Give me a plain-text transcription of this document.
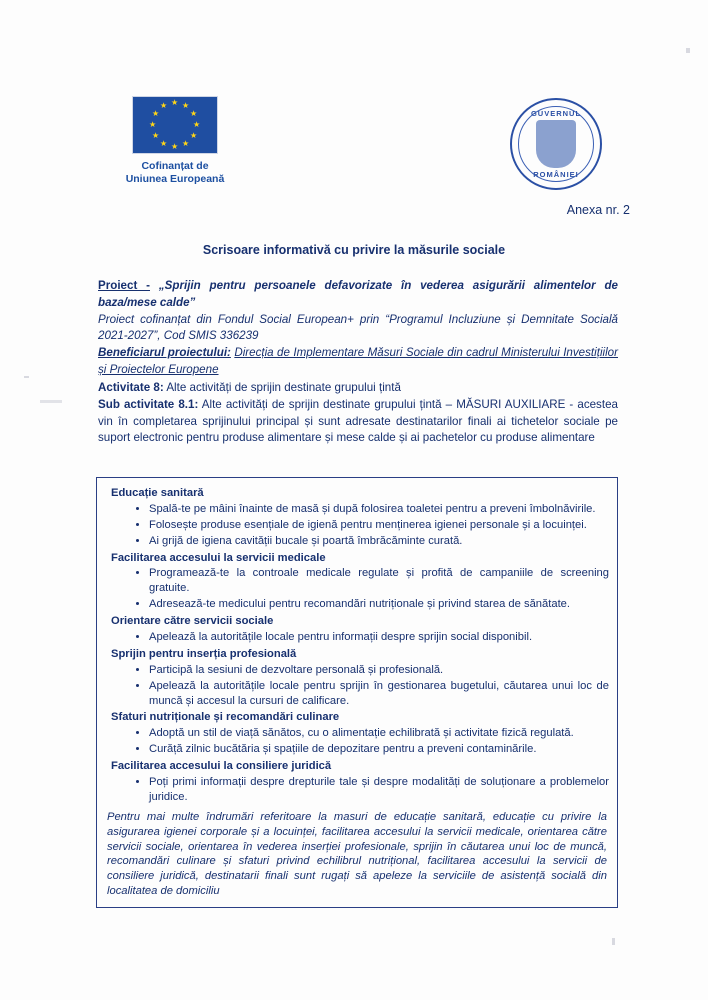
★ ★
★
★
★
★
★
★
★
★
★
★
Cofinanțat de
Uniunea Europeană
GUVERNUL
ROMÂNIEI
Anexa nr. 2
Scrisoare informativă cu privire la măsurile sociale
Proiect - „Sprijin pentru persoanele defavorizate în vederea asigurării alimentelor de baza/mese calde”
Proiect cofinanțat din Fondul Social European+ prin “Programul Incluziune și Demnitate Socială 2021-2027”, Cod SMIS 336239
Beneficiarul proiectului: Direcția de Implementare Măsuri Sociale din cadrul Ministerului Investițiilor și Proiectelor Europene
Activitate 8: Alte activități de sprijin destinate grupului țintă
Sub activitate 8.1: Alte activități de sprijin destinate grupului țintă – MĂSURI AUXILIARE - acestea vin în completarea sprijinului principal și sunt adresate destinatarilor finali ai tichetelor sociale pe suport electronic pentru produse alimentare și mese calde și ai pachetelor cu produse alimentare
Educație sanitară
• Spală-te pe mâini înainte de masă și după folosirea toaletei pentru a preveni îmbolnăvirile.
• Folosește produse esențiale de igienă pentru menținerea igienei personale și a locuinței.
• Ai grijă de igiena cavității bucale și poartă îmbrăcăminte curată.
Facilitarea accesului la servicii medicale
• Programează-te la controale medicale regulate și profită de campaniile de screening gratuite.
• Adresează-te medicului pentru recomandări nutriționale și privind starea de sănătate.
Orientare către servicii sociale
• Apelează la autoritățile locale pentru informații despre sprijin social disponibil.
Sprijin pentru inserția profesională
• Participă la sesiuni de dezvoltare personală și profesională.
• Apelează la autoritățile locale pentru sprijin în gestionarea bugetului, căutarea unui loc de muncă și accesul la cursuri de calificare.
Sfaturi nutriționale și recomandări culinare
• Adoptă un stil de viață sănătos, cu o alimentație echilibrată și activitate fizică regulată.
• Curăță zilnic bucătăria și spațiile de depozitare pentru a preveni contaminările.
Facilitarea accesului la consiliere juridică
• Poți primi informații despre drepturile tale și despre modalități de soluționare a problemelor juridice.
Pentru mai multe îndrumări referitoare la masuri de educație sanitară, educație cu privire la asigurarea igienei corporale și a locuinței, facilitarea accesului la servicii medicale, orientarea către servicii sociale, orientarea în vederea inserției profesionale, sprijin în căutarea unui loc de muncă, recomandări culinare și sfaturi privind echilibrul nutrițional, facilitarea accesului la servicii de consiliere juridică, destinatarii finali sunt rugați să apeleze la serviciile de asistență socială din localitatea de domiciliu
